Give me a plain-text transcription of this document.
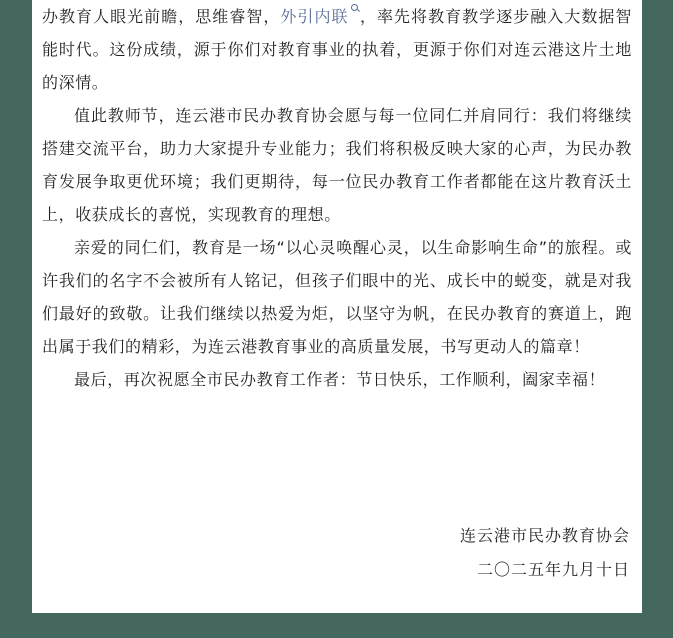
办教育人眼光前瞻，思维睿智，外引内联 ，率先将教育教学逐步融入大数据智能时代。这份成绩，源于你们对教育事业的执着，更源于你们对连云港这片土地的深情。

值此教师节，连云港市民办教育协会愿与每一位同仁并肩同行：我们将继续搭建交流平台，助力大家提升专业能力；我们将积极反映大家的心声，为民办教育发展争取更优环境；我们更期待，每一位民办教育工作者都能在这片教育沃土上，收获成长的喜悦，实现教育的理想。

亲爱的同仁们，教育是一场“以心灵唤醒心灵，以生命影响生命”的旅程。或许我们的名字不会被所有人铭记，但孩子们眼中的光、成长中的蜕变，就是对我们最好的致敬。让我们继续以热爱为炬，以坚守为帆，在民办教育的赛道上，跑出属于我们的精彩，为连云港教育事业的高质量发展，书写更动人的篇章！

最后，再次祝愿全市民办教育工作者：节日快乐，工作顺利，阖家幸福！

连云港市民办教育协会
二〇二五年九月十日
